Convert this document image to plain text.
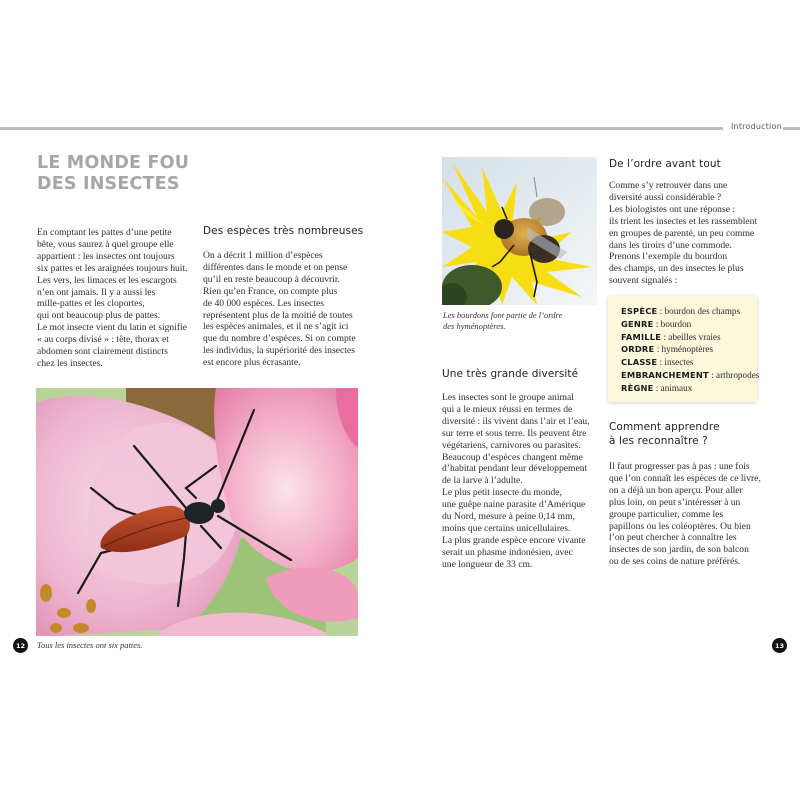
Introduction
LE MONDE FOU
DES INSECTES
En comptant les pattes d’une petite
bête, vous saurez à quel groupe elle
appartient : les insectes ont toujours
six pattes et les araignées toujours huit.
Les vers, les limaces et les escargots
n’en ont jamais. Il y a aussi les
mille-pattes et les cloportes,
qui ont beaucoup plus de pattes.
Le mot insecte vient du latin et signifie
« au corps divisé » : tête, thorax et
abdomen sont clairement distincts
chez les insectes.
Des espèces très nombreuses
On a décrit 1 million d’espèces
différentes dans le monde et on pense
qu’il en reste beaucoup à découvrir.
Rien qu’en France, on compte plus
de 40 000 espèces. Les insectes
représentent plus de la moitié de toutes
les espèces animales, et il ne s’agit ici
que du nombre d’espèces. Si on compte
les individus, la supériorité des insectes
est encore plus écrasante.
12	Tous les insectes ont six pattes.
Les bourdons font partie de l’ordre
des hyménoptères.
Une très grande diversité
Les insectes sont le groupe animal
qui a le mieux réussi en termes de
diversité : ils vivent dans l’air et l’eau,
sur terre et sous terre. Ils peuvent être
végétariens, carnivores ou parasites.
Beaucoup d’espèces changent même
d’habitat pendant leur développement
de la larve à l’adulte.
Le plus petit insecte du monde,
une guêpe naine parasite d’Amérique
du Nord, mesure à peine 0,14 mm,
moins que certains unicellulaires.
La plus grande espèce encore vivante
serait un phasme indonésien, avec
une longueur de 33 cm.
De l’ordre avant tout
Comme s’y retrouver dans une
diversité aussi considérable ?
Les biologistes ont une réponse :
ils trient les insectes et les rassemblent
en groupes de parenté, un peu comme
dans les tiroirs d’une commode.
Prenons l’exemple du bourdon
des champs, un des insectes le plus
souvent signalés :
ESPÈCE : bourdon des champs
GENRE : bourdon
FAMILLE : abeilles vraies
ORDRE : hyménoptères
CLASSE : insectes
EMBRANCHEMENT : arthropodes
RÈGNE : animaux
Comment apprendre
à les reconnaître ?
Il faut progresser pas à pas : une fois
que l’on connaît les espèces de ce livre,
on a déjà un bon aperçu. Pour aller
plus loin, on peut s’intéresser à un
groupe particulier, comme les
papillons ou les coléoptères. Ou bien
l’on peut chercher à connaître les
insectes de son jardin, de son balcon
ou de ses coins de nature préférés.
13
